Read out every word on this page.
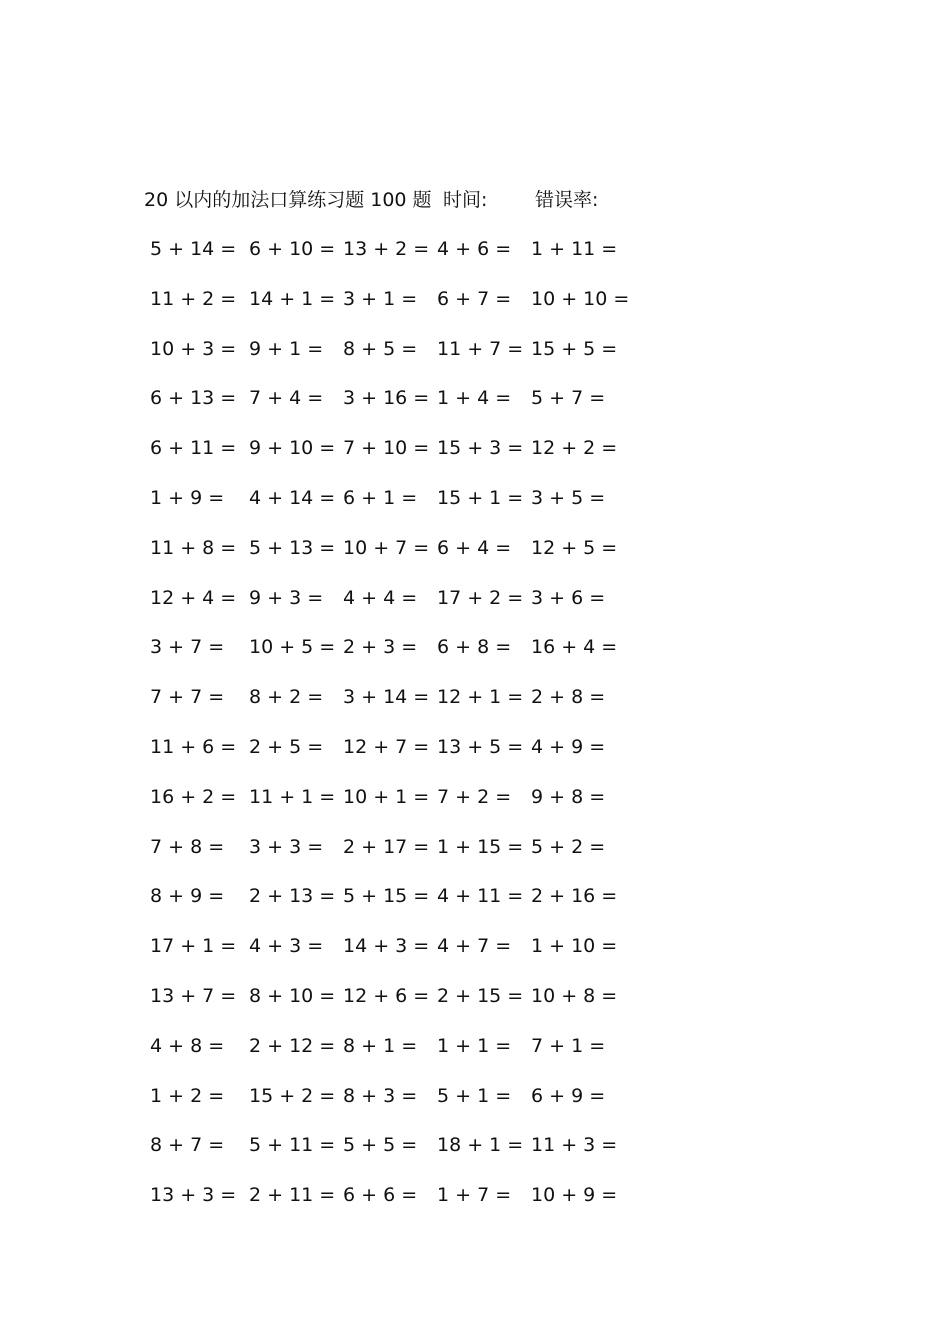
20 以内的加法口算练习题 100 题 时间:	错误率:
5 + 14 = 6 + 10 = 13 + 2 = 4 + 6 = 1 + 11 =
11 + 2 = 14 + 1 = 3 + 1 = 6 + 7 = 10 + 10 =
10 + 3 = 9 + 1 = 8 + 5 = 11 + 7 = 15 + 5 =
6 + 13 = 7 + 4 = 3 + 16 = 1 + 4 = 5 + 7 =
6 + 11 = 9 + 10 = 7 + 10 = 15 + 3 = 12 + 2 =
1 + 9 = 4 + 14 = 6 + 1 = 15 + 1 = 3 + 5 =
11 + 8 = 5 + 13 = 10 + 7 = 6 + 4 = 12 + 5 =
12 + 4 = 9 + 3 = 4 + 4 = 17 + 2 = 3 + 6 =
3 + 7 = 10 + 5 = 2 + 3 = 6 + 8 = 16 + 4 =
7 + 7 = 8 + 2 = 3 + 14 = 12 + 1 = 2 + 8 =
11 + 6 = 2 + 5 = 12 + 7 = 13 + 5 = 4 + 9 =
16 + 2 = 11 + 1 = 10 + 1 = 7 + 2 = 9 + 8 =
7 + 8 = 3 + 3 = 2 + 17 = 1 + 15 = 5 + 2 =
8 + 9 = 2 + 13 = 5 + 15 = 4 + 11 = 2 + 16 =
17 + 1 = 4 + 3 = 14 + 3 = 4 + 7 = 1 + 10 =
13 + 7 = 8 + 10 = 12 + 6 = 2 + 15 = 10 + 8 =
4 + 8 = 2 + 12 = 8 + 1 = 1 + 1 = 7 + 1 =
1 + 2 = 15 + 2 = 8 + 3 = 5 + 1 = 6 + 9 =
8 + 7 = 5 + 11 = 5 + 5 = 18 + 1 = 11 + 3 =
13 + 3 = 2 + 11 = 6 + 6 = 1 + 7 = 10 + 9 =
